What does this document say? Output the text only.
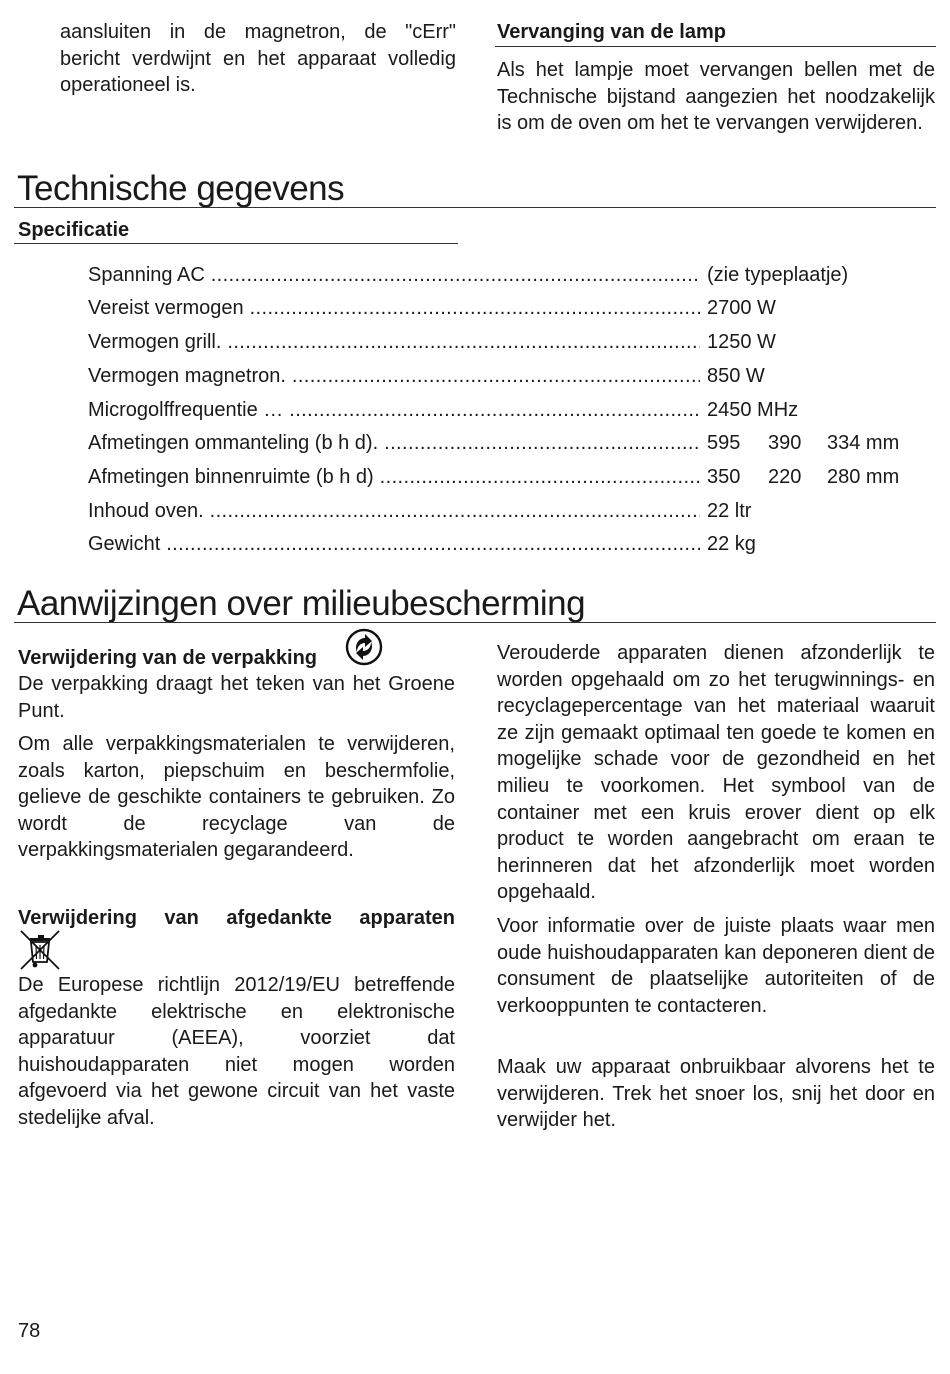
aansluiten in de magnetron, de "cErr" bericht verdwijnt en het apparaat volledig operationeel is.

Vervanging van de lamp

Als het lampje moet vervangen bellen met de Technische bijstand aangezien het noodzakelijk is om de oven om het te vervangen verwijderen.

Technische gegevens

Specificatie

Spanning AC .....	(zie typeplaatje)
Vereist vermogen .....	2700 W
Vermogen grill. .....	1250 W
Vermogen magnetron. .....	850 W
Microgolffrequentie … .....	2450 MHz
Afmetingen ommanteling (b h d). .....	595 390 334 mm
Afmetingen binnenruimte (b h d) .....	350 220 280 mm
Inhoud oven. .....	22 ltr
Gewicht .....	22 kg
Aanwijzingen over milieubescherming

Verwijdering van de verpakking

De verpakking draagt het teken van het Groene Punt.

Om alle verpakkingsmaterialen te verwijderen, zoals karton, piepschuim en beschermfolie, gelieve de geschikte containers te gebruiken. Zo wordt de recyclage van de verpakkingsmaterialen gegarandeerd.

Verwijdering van afgedankte apparaten

De Europese richtlijn 2012/19/EU betreffende afgedankte elektrische en elektronische apparatuur (AEEA), voorziet dat huishoudapparaten niet mogen worden afgevoerd via het gewone circuit van het vaste stedelijke afval.

Verouderde apparaten dienen afzonderlijk te worden opgehaald om zo het terugwinnings- en recyclagepercentage van het materiaal waaruit ze zijn gemaakt optimaal ten goede te komen en mogelijke schade voor de gezondheid en het milieu te voorkomen. Het symbool van de container met een kruis erover dient op elk product te worden aangebracht om eraan te herinneren dat het afzonderlijk moet worden opgehaald.

Voor informatie over de juiste plaats waar men oude huishoudapparaten kan deponeren dient de consument de plaatselijke autoriteiten of de verkooppunten te contacteren.

Maak uw apparaat onbruikbaar alvorens het te verwijderen. Trek het snoer los, snij het door en verwijder het.

78
